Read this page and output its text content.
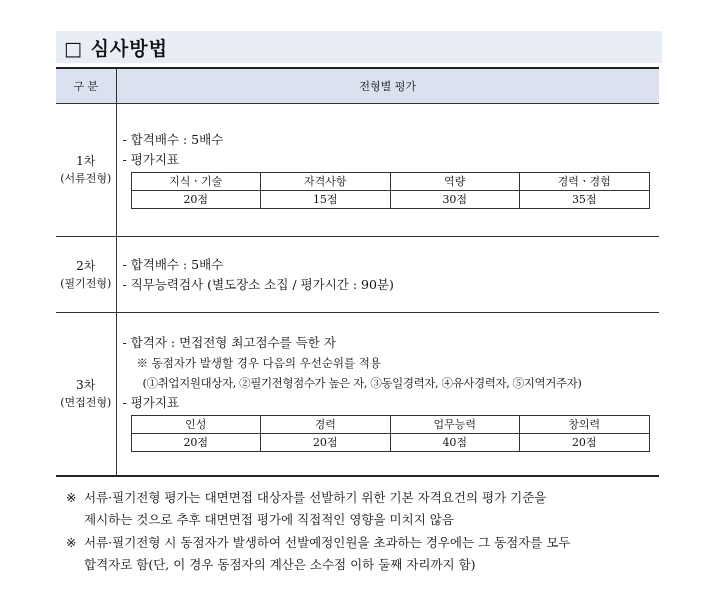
□ 심사방법
구 분	전형별 평가

1차
(서류전형)

- 합격배수 : 5배수
- 평가지표
지식ㆍ기술	자격사항	역량	경력ㆍ경험
20점	15점	30점	35점

2차
(필기전형)

- 합격배수 : 5배수
- 직무능력검사 (별도장소 소집 / 평가시간 : 90분)

3차
(면접전형)

- 합격자 : 면접전형 최고점수를 득한 자
※ 동점자가 발생할 경우 다음의 우선순위를 적용
(①취업지원대상자, ②필기전형점수가 높은 자, ③동일경력자, ④유사경력자, ⑤지역거주자)
- 평가지표
인성	경력	업무능력	창의력
20점	20점	40점	20점
※ 서류·필기전형 평가는 대면면접 대상자를 선발하기 위한 기본 자격요건의 평가 기준을
제시하는 것으로 추후 대면면접 평가에 직접적인 영향을 미치지 않음
※ 서류·필기전형 시 동점자가 발생하여 선발예정인원을 초과하는 경우에는 그 동점자를 모두
합격자로 함(단, 이 경우 동점자의 계산은 소수점 이하 둘째 자리까지 함)
